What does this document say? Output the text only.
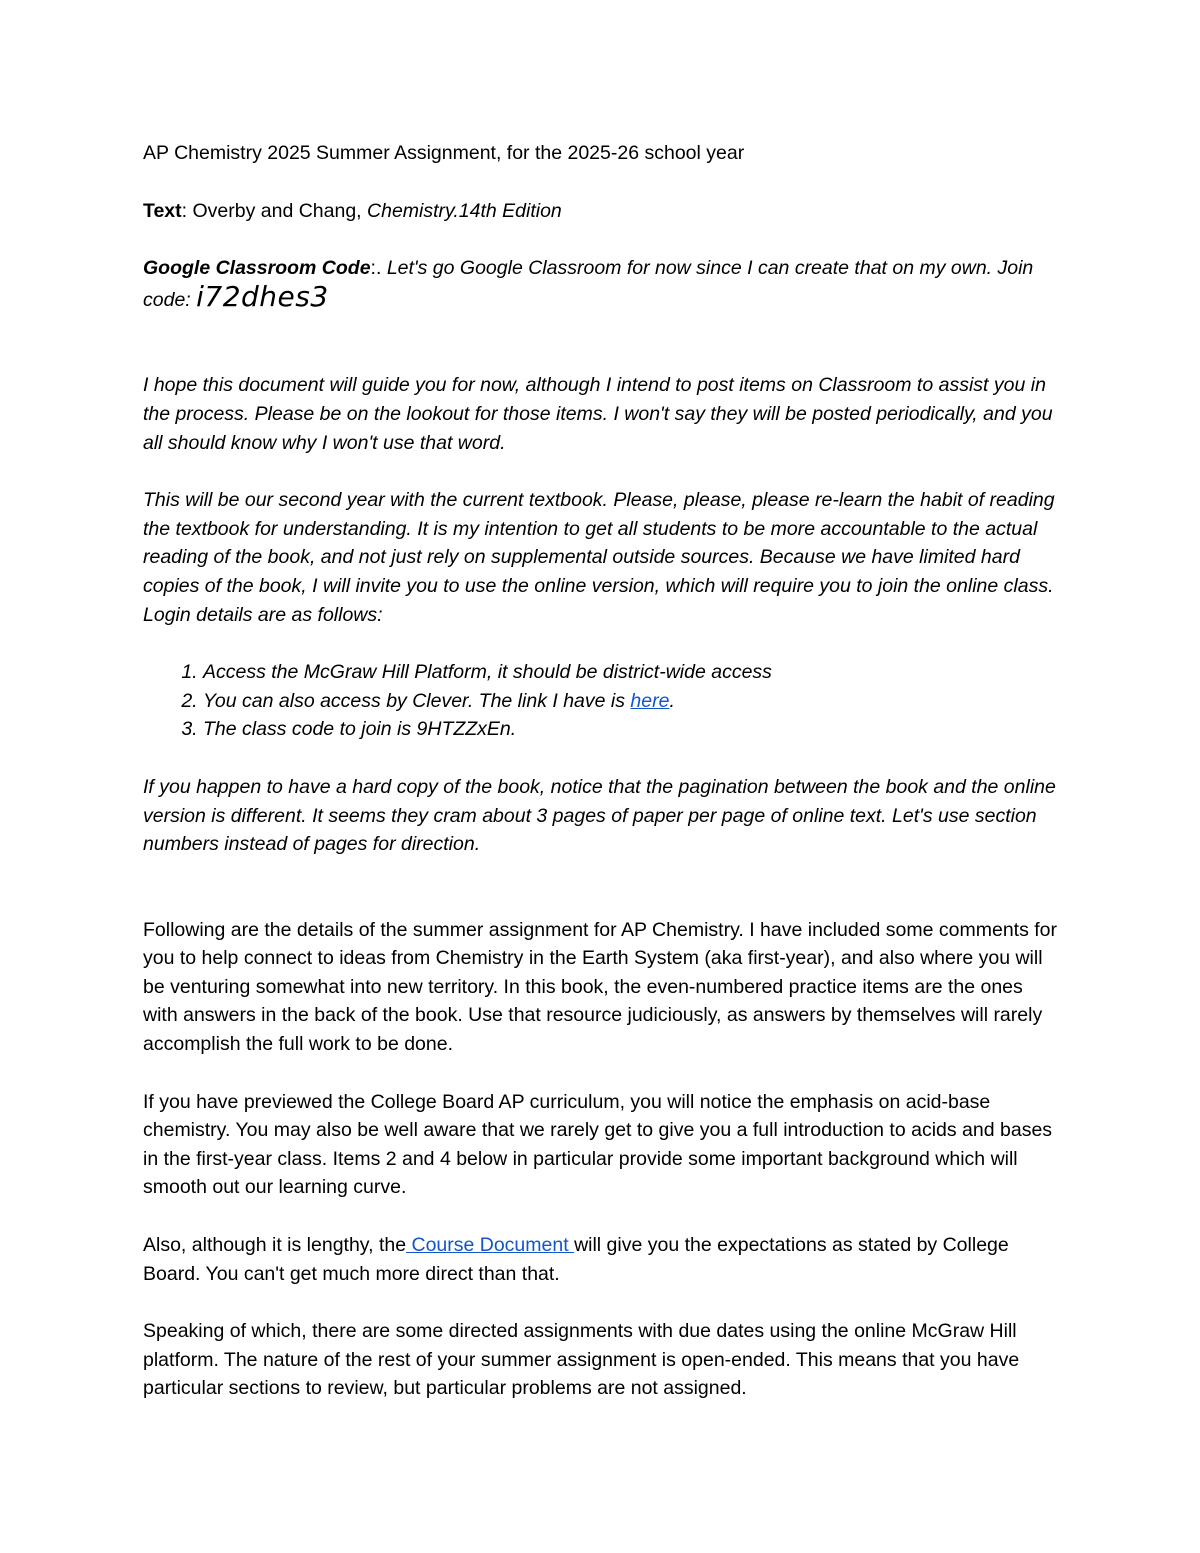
AP Chemistry 2025 Summer Assignment, for the 2025-26 school year

Text: Overby and Chang, Chemistry.14th Edition

Google Classroom Code:. Let's go Google Classroom for now since I can create that on my own. Join code: i72dhes3

I hope this document will guide you for now, although I intend to post items on Classroom to assist you in the process. Please be on the lookout for those items. I won't say they will be posted periodically, and you all should know why I won't use that word.

This will be our second year with the current textbook. Please, please, please re-learn the habit of reading the textbook for understanding. It is my intention to get all students to be more accountable to the actual reading of the book, and not just rely on supplemental outside sources. Because we have limited hard copies of the book, I will invite you to use the online version, which will require you to join the online class. Login details are as follows:

1. Access the McGraw Hill Platform, it should be district-wide access
2. You can also access by Clever. The link I have is here.
3. The class code to join is 9HTZZxEn.

If you happen to have a hard copy of the book, notice that the pagination between the book and the online version is different. It seems they cram about 3 pages of paper per page of online text. Let's use section numbers instead of pages for direction.

Following are the details of the summer assignment for AP Chemistry. I have included some comments for you to help connect to ideas from Chemistry in the Earth System (aka first-year), and also where you will be venturing somewhat into new territory. In this book, the even-numbered practice items are the ones with answers in the back of the book. Use that resource judiciously, as answers by themselves will rarely accomplish the full work to be done.

If you have previewed the College Board AP curriculum, you will notice the emphasis on acid-base chemistry. You may also be well aware that we rarely get to give you a full introduction to acids and bases in the first-year class. Items 2 and 4 below in particular provide some important background which will smooth out our learning curve.

Also, although it is lengthy, the Course Document will give you the expectations as stated by College Board. You can't get much more direct than that.

Speaking of which, there are some directed assignments with due dates using the online McGraw Hill platform. The nature of the rest of your summer assignment is open-ended. This means that you have particular sections to review, but particular problems are not assigned.
